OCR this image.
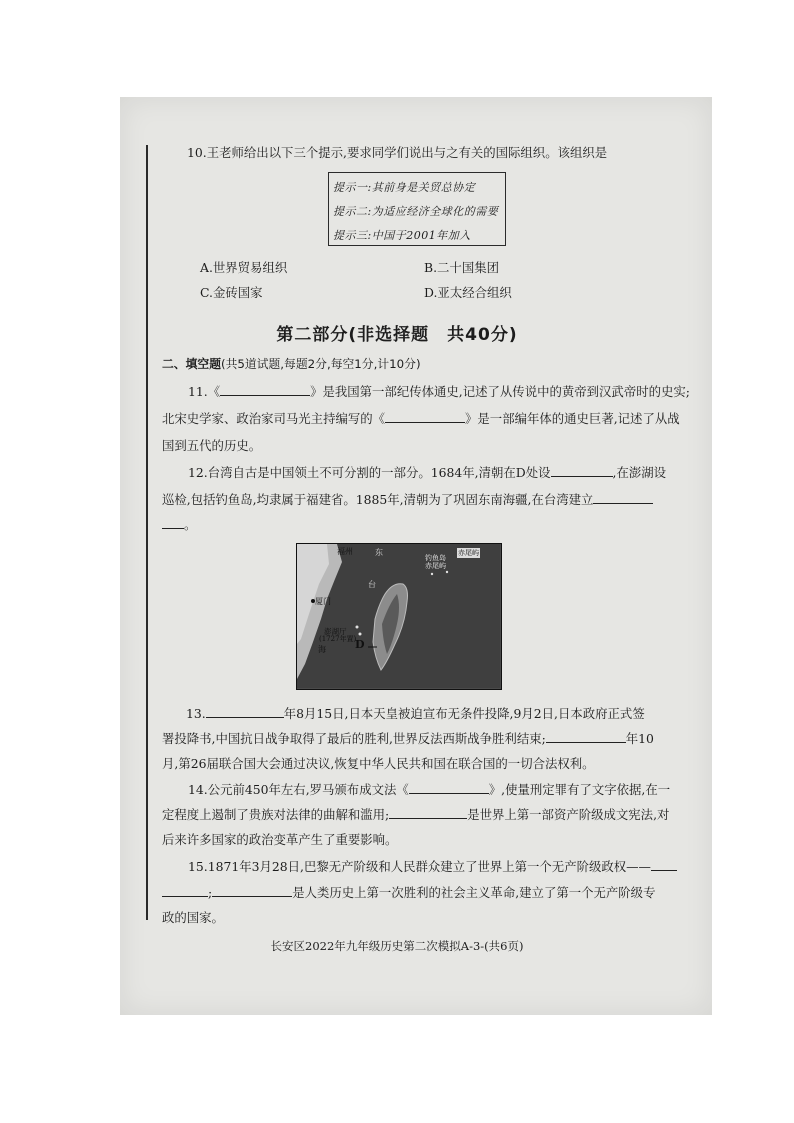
10.王老师给出以下三个提示,要求同学们说出与之有关的国际组织。该组织是
提示一:其前身是关贸总协定
提示二:为适应经济全球化的需要
提示三:中国于2001年加入
A.世界贸易组织	B.二十国集团
C.金砖国家	D.亚太经合组织
第二部分(非选择题　共40分)
二、填空题(共5道试题,每题2分,每空1分,计10分)
11.《	》是我国第一部纪传体通史,记述了从传说中的黄帝到汉武帝时的史实;
北宋史学家、政治家司马光主持编写的《	》是一部编年体的通史巨著,记述了从战
国到五代的历史。
12.台湾自古是中国领土不可分割的一部分。1684年,清朝在D处设	,在澎湖设
巡检,包括钓鱼岛,均隶属于福建省。1885年,清朝为了巩固东南海疆,在台湾建立
。
福州	东
钓鱼岛
赤尾屿
赤尾屿
台
厦门
澎湖厅
(1727年置)
海	D
13.	年8月15日,日本天皇被迫宣布无条件投降,9月2日,日本政府正式签
署投降书,中国抗日战争取得了最后的胜利,世界反法西斯战争胜利结束;	年10
月,第26届联合国大会通过决议,恢复中华人民共和国在联合国的一切合法权利。
14.公元前450年左右,罗马颁布成文法《	》,使量刑定罪有了文字依据,在一
定程度上遏制了贵族对法律的曲解和滥用;	是世界上第一部资产阶级成文宪法,对
后来许多国家的政治变革产生了重要影响。
15.1871年3月28日,巴黎无产阶级和人民群众建立了世界上第一个无产阶级政权——
;	是人类历史上第一次胜利的社会主义革命,建立了第一个无产阶级专
政的国家。
长安区2022年九年级历史第二次模拟A-3-(共6页)
